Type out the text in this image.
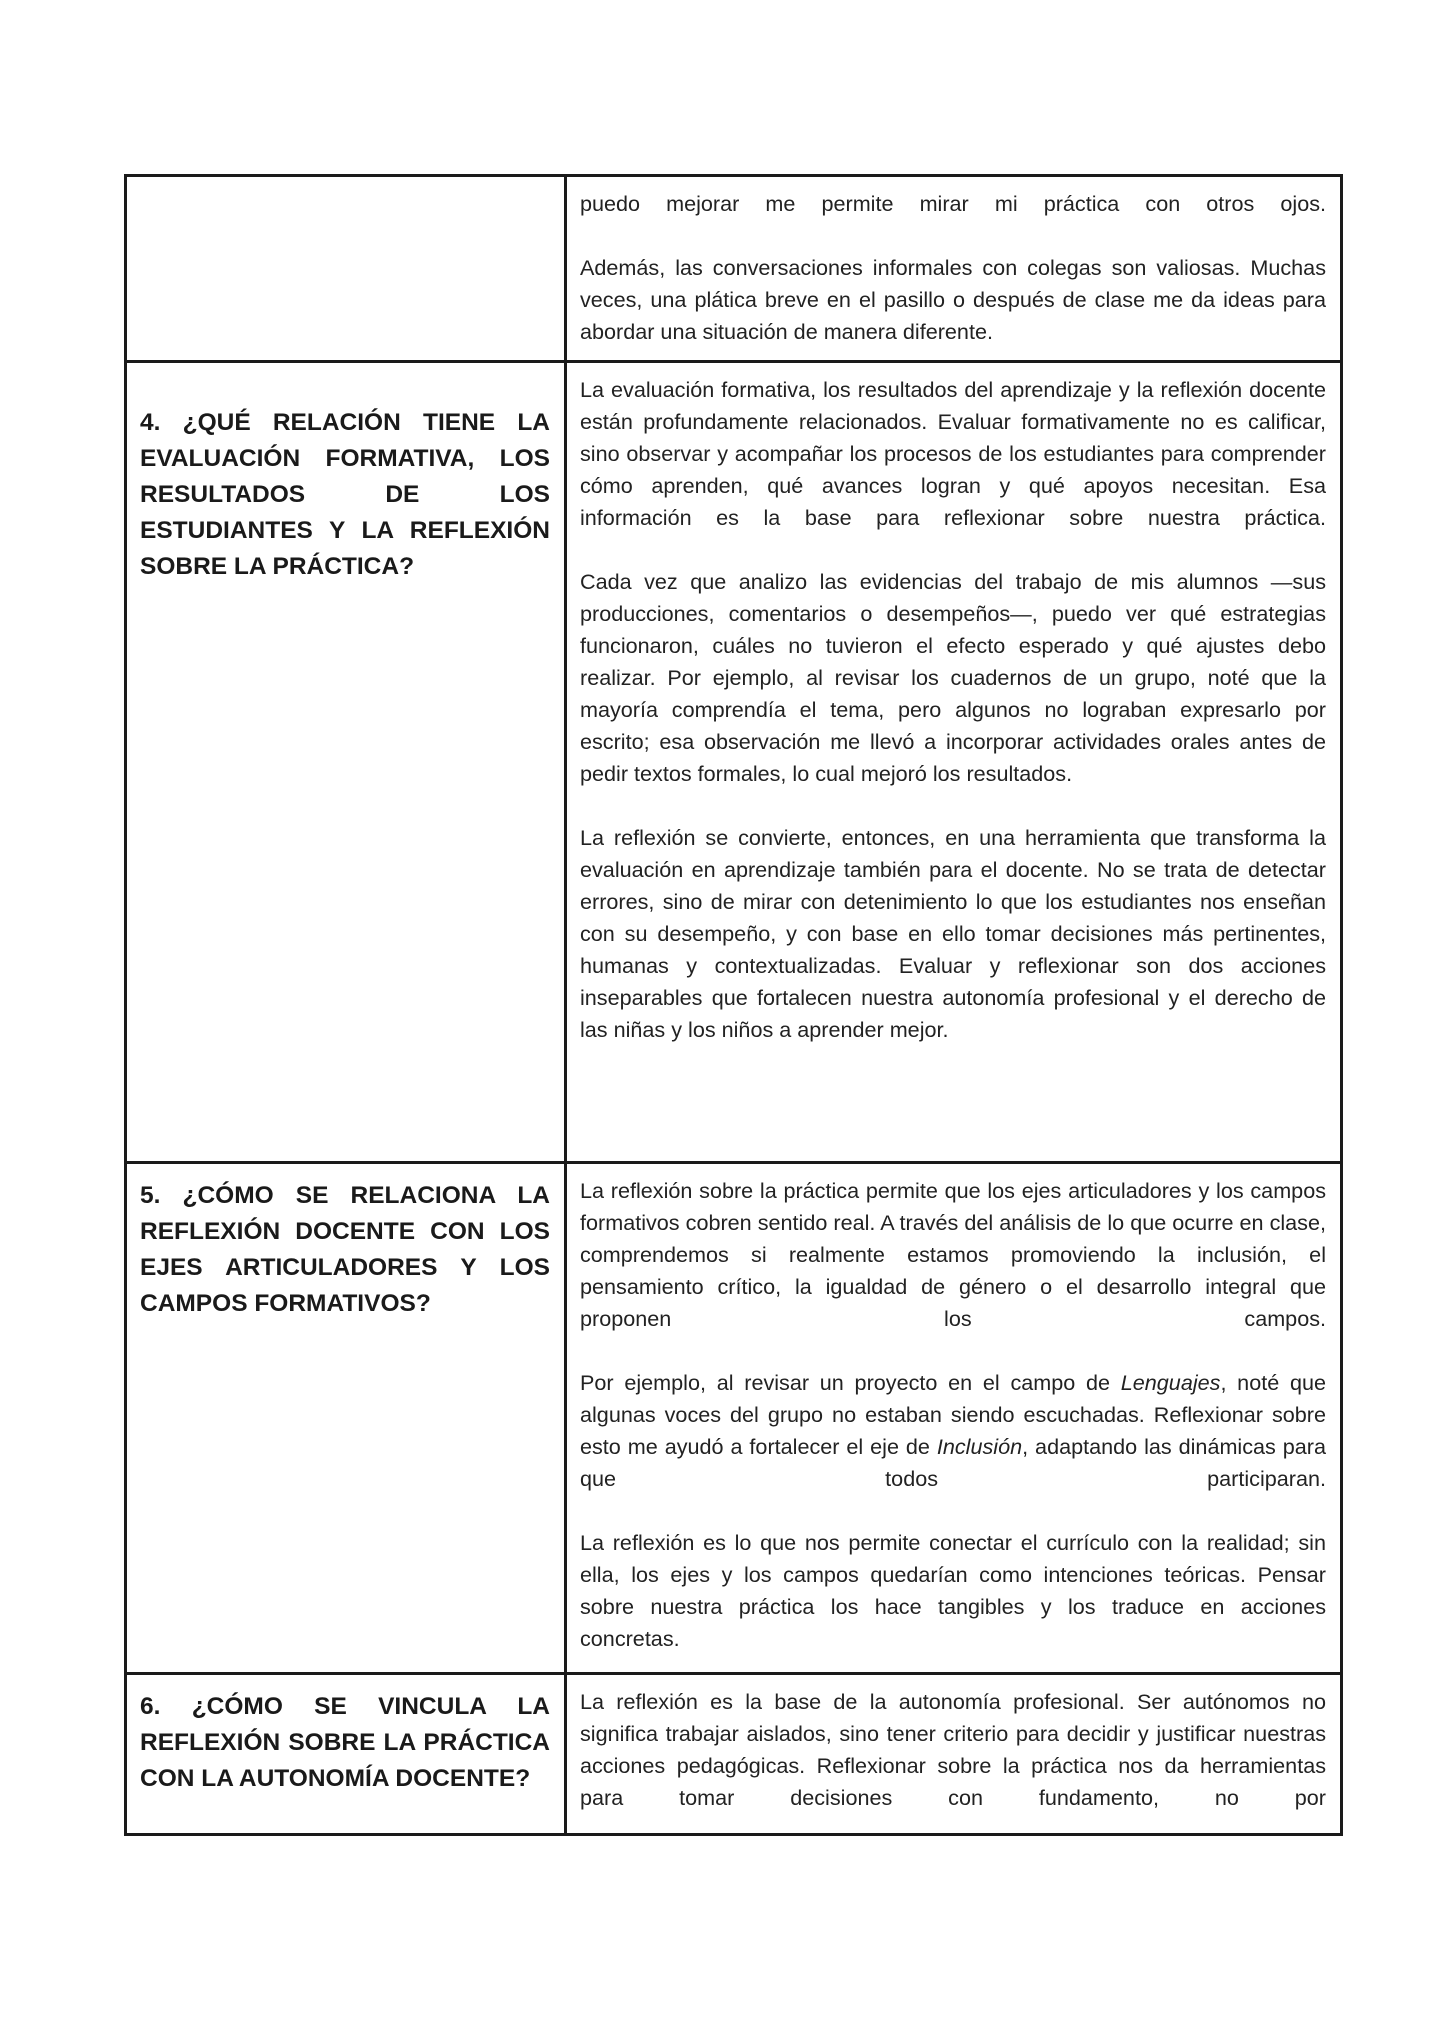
	puedo mejorar me permite mirar mi práctica con otros ojos.

Además, las conversaciones informales con colegas son valiosas. Muchas veces, una plática breve en el pasillo o después de clase me da ideas para abordar una situación de manera diferente.

4. ¿QUÉ RELACIÓN TIENE LA EVALUACIÓN FORMATIVA, LOS RESULTADOS DE LOS ESTUDIANTES Y LA REFLEXIÓN SOBRE LA PRÁCTICA?	La evaluación formativa, los resultados del aprendizaje y la reflexión docente están profundamente relacionados. Evaluar formativamente no es calificar, sino observar y acompañar los procesos de los estudiantes para comprender cómo aprenden, qué avances logran y qué apoyos necesitan. Esa información es la base para reflexionar sobre nuestra práctica.

Cada vez que analizo las evidencias del trabajo de mis alumnos —sus producciones, comentarios o desempeños—, puedo ver qué estrategias funcionaron, cuáles no tuvieron el efecto esperado y qué ajustes debo realizar. Por ejemplo, al revisar los cuadernos de un grupo, noté que la mayoría comprendía el tema, pero algunos no lograban expresarlo por escrito; esa observación me llevó a incorporar actividades orales antes de pedir textos formales, lo cual mejoró los resultados.

La reflexión se convierte, entonces, en una herramienta que transforma la evaluación en aprendizaje también para el docente. No se trata de detectar errores, sino de mirar con detenimiento lo que los estudiantes nos enseñan con su desempeño, y con base en ello tomar decisiones más pertinentes, humanas y contextualizadas. Evaluar y reflexionar son dos acciones inseparables que fortalecen nuestra autonomía profesional y el derecho de las niñas y los niños a aprender mejor.

5. ¿CÓMO SE RELACIONA LA REFLEXIÓN DOCENTE CON LOS EJES ARTICULADORES Y LOS CAMPOS FORMATIVOS?	La reflexión sobre la práctica permite que los ejes articuladores y los campos formativos cobren sentido real. A través del análisis de lo que ocurre en clase, comprendemos si realmente estamos promoviendo la inclusión, el pensamiento crítico, la igualdad de género o el desarrollo integral que proponen los campos.

Por ejemplo, al revisar un proyecto en el campo de Lenguajes, noté que algunas voces del grupo no estaban siendo escuchadas. Reflexionar sobre esto me ayudó a fortalecer el eje de Inclusión, adaptando las dinámicas para que todos participaran.

La reflexión es lo que nos permite conectar el currículo con la realidad; sin ella, los ejes y los campos quedarían como intenciones teóricas. Pensar sobre nuestra práctica los hace tangibles y los traduce en acciones concretas.

6. ¿CÓMO SE VINCULA LA REFLEXIÓN SOBRE LA PRÁCTICA CON LA AUTONOMÍA DOCENTE?	La reflexión es la base de la autonomía profesional. Ser autónomos no significa trabajar aislados, sino tener criterio para decidir y justificar nuestras acciones pedagógicas. Reflexionar sobre la práctica nos da herramientas para tomar decisiones con fundamento, no por
